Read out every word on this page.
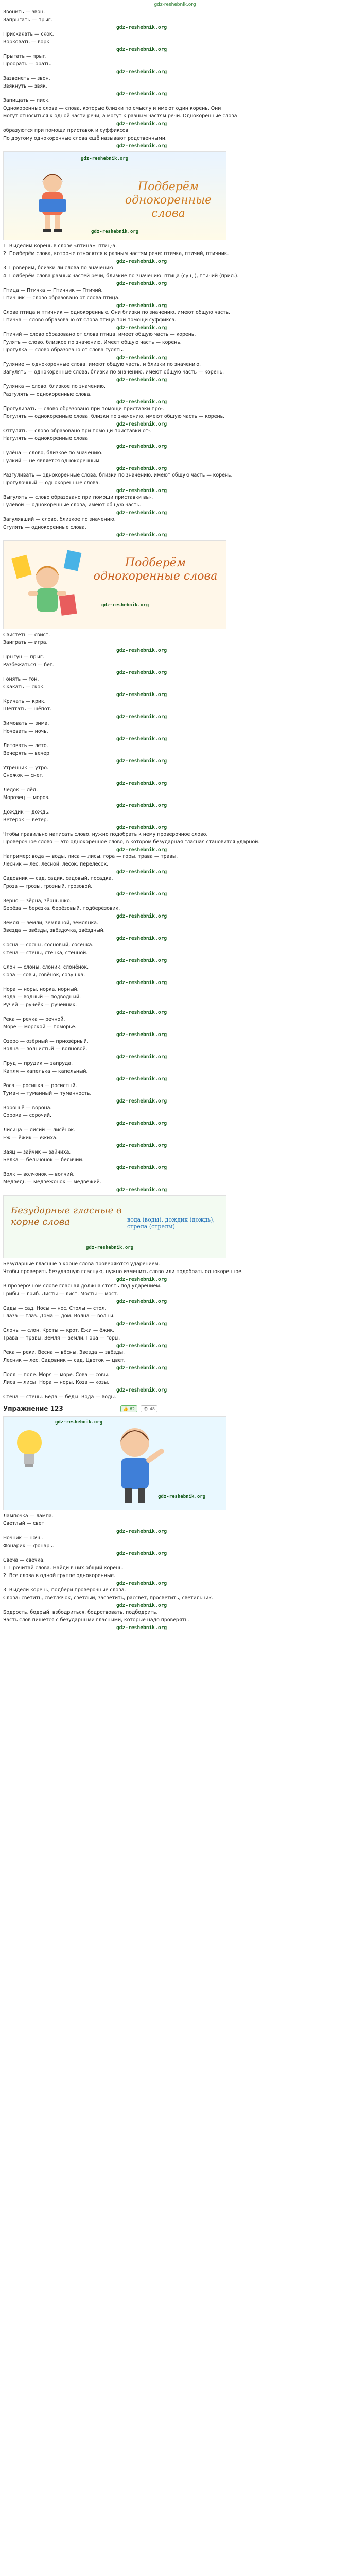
gdz-reshebnik.org
Звонить — звон.
Запрыгать — прыг.
gdz-reshebnik.org
Прискакать — скок.
Ворковать — ворк.
gdz-reshebnik.org
Прыгать — прыг.
Проорать — орать.
gdz-reshebnik.org
Зазвенеть — звон.
Звякнуть — звяк.
gdz-reshebnik.org
Запищать — писк.
Однокоренные слова — слова, которые близки по смыслу и имеют один корень. Они
могут относиться к одной части речи, а могут к разным частям речи. Однокоренные слова
gdz-reshebnik.org
образуются при помощи приставок и суффиксов.
По другому однокоренные слова ещё называют родственными.
gdz-reshebnik.org
Подберём однокоренные слова
gdz-reshebnik.org
gdz-reshebnik.org
1. Выделим корень в слове «птица»: птиц-а.
2. Подберём слова, которые относятся к разным частям речи: птичка, птичий, птичник.
gdz-reshebnik.org
3. Проверим, близки ли слова по значению.
4. Подберём слова разных частей речи, близкие по значению: птица (сущ.), птичий (прил.).
gdz-reshebnik.org
Птица — Птичка — Птичник — Птичий.
Птичник — слово образовано от слова птица.
gdz-reshebnik.org
Слова птица и птичник — однокоренные. Они близки по значению, имеют общую часть.
Птичка — слово образовано от слова птица при помощи суффикса.
gdz-reshebnik.org
Птичий — слово образовано от слова птица, имеет общую часть — корень.
Гулять — слово, близкое по значению. Имеет общую часть — корень.
Прогулка — слово образовано от слова гулять.
gdz-reshebnik.org
Гуляние — однокоренные слова, имеют общую часть, и близки по значению.
Загулять — однокоренные слова, близки по значению, имеют общую часть — корень.
gdz-reshebnik.org
Гулянка — слово, близкое по значению.
Разгулять — однокоренные слова.
gdz-reshebnik.org
Прогуливать — слово образовано при помощи приставки про-.
Погулять — однокоренные слова, близки по значению, имеют общую часть — корень.
gdz-reshebnik.org
Отгулять — слово образовано при помощи приставки от-.
Нагулять — однокоренные слова.
gdz-reshebnik.org
Гулёна — слово, близкое по значению.
Гулкий — не является однокоренным.
gdz-reshebnik.org
Разгуливать — однокоренные слова, близки по значению, имеют общую часть — корень.
Прогулочный — однокоренные слова.
gdz-reshebnik.org
Выгулять — слово образовано при помощи приставки вы-.
Гулевой — однокоренные слова, имеют общую часть.
gdz-reshebnik.org
Загулявший — слово, близкое по значению.
Сгулять — однокоренные слова.
gdz-reshebnik.org
Подберём однокоренные слова
gdz-reshebnik.org
Свистеть — свист.
Заиграть — игра.
gdz-reshebnik.org
Прыгун — прыг.
Разбежаться — бег.
gdz-reshebnik.org
Гонять — гон.
Скакать — скок.
gdz-reshebnik.org
Кричать — крик.
Шептать — шёпот.
gdz-reshebnik.org
Зимовать — зима.
Ночевать — ночь.
gdz-reshebnik.org
Летовать — лето.
Вечерять — вечер.
gdz-reshebnik.org
Утренник — утро.
Снежок — снег.
gdz-reshebnik.org
Ледок — лёд.
Морозец — мороз.
gdz-reshebnik.org
Дождик — дождь.
Ветерок — ветер.
gdz-reshebnik.org
Чтобы правильно написать слово, нужно подобрать к нему проверочное слово.
Проверочное слово — это однокоренное слово, в котором безударная гласная становится ударной.
gdz-reshebnik.org
Например: вода — воды, лиса — лисы, гора — горы, трава — травы.
Лесник — лес, лесной, лесок, перелесок.
gdz-reshebnik.org
Садовник — сад, садик, садовый, посадка.
Гроза — грозы, грозный, грозовой.
gdz-reshebnik.org
Зерно — зёрна, зёрнышко.
Берёза — берёзка, берёзовый, подберёзовик.
gdz-reshebnik.org
Земля — земли, земляной, землянка.
Звезда — звёзды, звёздочка, звёздный.
gdz-reshebnik.org
Сосна — сосны, сосновый, сосенка.
Стена — стены, стенка, стенной.
gdz-reshebnik.org
Слон — слоны, слоник, слонёнок.
Сова — совы, совёнок, совушка.
gdz-reshebnik.org
Нора — норы, норка, норный.
Вода — водный — подводный.
Ручей — ручеёк — ручейник.
gdz-reshebnik.org
Река — речка — речной.
Море — морской — поморье.
gdz-reshebnik.org
Озеро — озёрный — приозёрный.
Волна — волнистый — волновой.
gdz-reshebnik.org
Пруд — прудик — запруда.
Капля — капелька — капельный.
gdz-reshebnik.org
Роса — росинка — росистый.
Туман — туманный — туманность.
gdz-reshebnik.org
Вороньё — ворона.
Сорока — сорочий.
gdz-reshebnik.org
Лисица — лисий — лисёнок.
Ёж — ёжик — ежиха.
gdz-reshebnik.org
Заяц — зайчик — зайчиха.
Белка — бельчонок — беличий.
gdz-reshebnik.org
Волк — волчонок — волчий.
Медведь — медвежонок — медвежий.
gdz-reshebnik.org
Безударные гласные в корне слова	вода (воды), дождик (дождь), стрела (стрелы)
gdz-reshebnik.org
Безударные гласные в корне слова проверяются ударением.
Чтобы проверить безударную гласную, нужно изменить слово или подобрать однокоренное.
gdz-reshebnik.org
В проверочном слове гласная должна стоять под ударением.
Грибы — гриб. Листы — лист. Мосты — мост.
gdz-reshebnik.org
Сады — сад. Носы — нос. Столы — стол.
Глаза — глаз. Дома — дом. Волна — волны.
gdz-reshebnik.org
Слоны — слон. Кроты — крот. Ежи — ёжик.
Трава — травы. Земля — земли. Гора — горы.
gdz-reshebnik.org
Река — реки. Весна — вёсны. Звезда — звёзды.
Лесник — лес. Садовник — сад. Цветок — цвет.
gdz-reshebnik.org
Поля — поле. Моря — море. Сова — совы.
Лиса — лисы. Нора — норы. Коза — козы.
gdz-reshebnik.org
Стена — стены. Беда — беды. Вода — воды.
Упражнение 123	👍 62	👁 48
gdz-reshebnik.org
gdz-reshebnik.org
Лампочка — лампа.
Светлый — свет.
gdz-reshebnik.org
Ночник — ночь.
Фонарик — фонарь.
gdz-reshebnik.org
Свеча — свечка.
1. Прочитай слова. Найди в них общий корень.
2. Все слова в одной группе однокоренные.
gdz-reshebnik.org
3. Выдели корень, подбери проверочные слова.
Слова: светить, светлячок, светлый, засветить, рассвет, просветить, светильник.
gdz-reshebnik.org
Бодрость, бодрый, взбодриться, бодрствовать, подбодрить.
Часть слов пишется с безударными гласными, которые надо проверять.
gdz-reshebnik.org
